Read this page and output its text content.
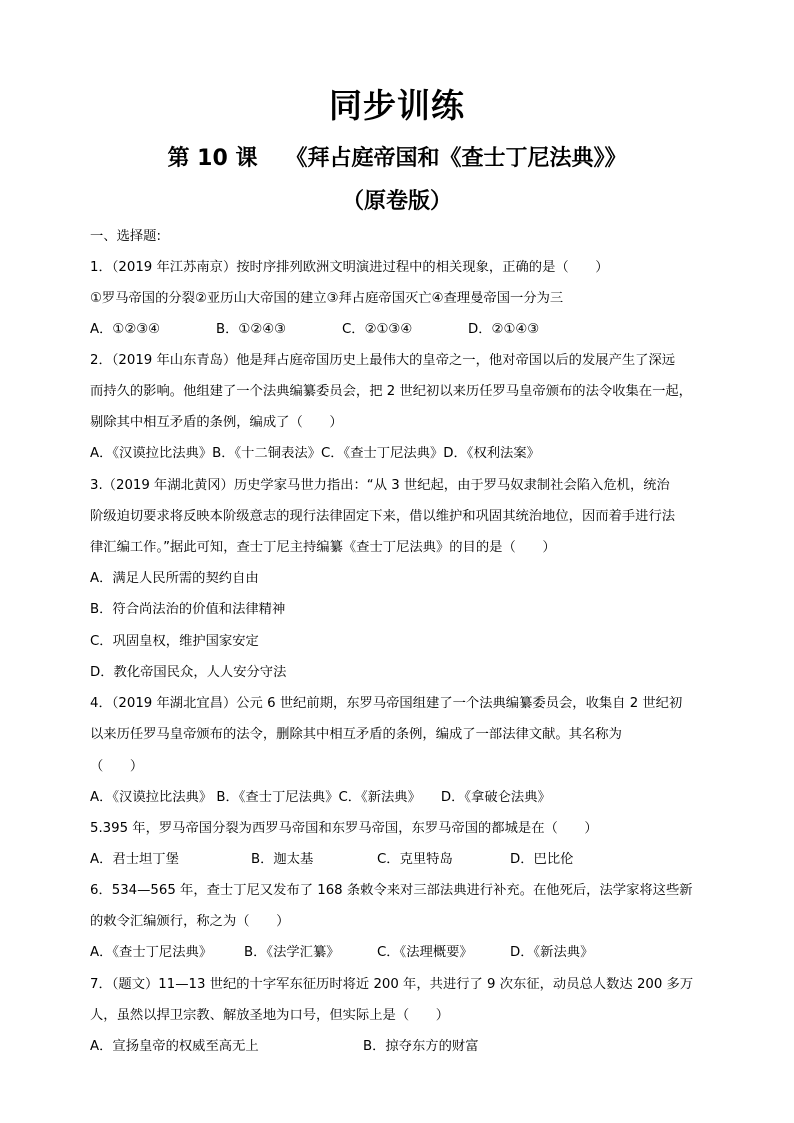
同步训练
第 10 课 《拜占庭帝国和《查士丁尼法典》》
（原卷版）
一、选择题:
1．（2019 年江苏南京）按时序排列欧洲文明演进过程中的相关现象，正确的是（　　）
①罗马帝国的分裂②亚历山大帝国的建立③拜占庭帝国灭亡④查理曼帝国一分为三
A．①②③④	B．①②④③	C．②①③④	D．②①④③
2．（2019 年山东青岛）他是拜占庭帝国历史上最伟大的皇帝之一，他对帝国以后的发展产生了深远
而持久的影响。他组建了一个法典编纂委员会，把 2 世纪初以来历任罗马皇帝颁布的法令收集在一起，
剔除其中相互矛盾的条例，编成了（　　）
A．《汉谟拉比法典》B．《十二铜表法》C．《查士丁尼法典》D．《权利法案》
3.（2019 年湖北黄冈）历史学家马世力指出：“从 3 世纪起，由于罗马奴隶制社会陷入危机，统治
阶级迫切要求将反映本阶级意志的现行法律固定下来，借以维护和巩固其统治地位，因而着手进行法
律汇编工作。”据此可知，查士丁尼主持编纂《查士丁尼法典》的目的是（　　）
A．满足人民所需的契约自由
B．符合尚法治的价值和法律精神
C．巩固皇权，维护国家安定
D．教化帝国民众，人人安分守法
4．（2019 年湖北宜昌）公元 6 世纪前期，东罗马帝国组建了一个法典编纂委员会，收集自 2 世纪初
以来历任罗马皇帝颁布的法令，删除其中相互矛盾的条例，编成了一部法律文献。其名称为
（　　）
A．《汉谟拉比法典》 B．《查士丁尼法典》C．《新法典》　　D．《拿破仑法典》
5.395 年，罗马帝国分裂为西罗马帝国和东罗马帝国，东罗马帝国的都城是在（　　）
A．君士坦丁堡	B．迦太基	C．克里特岛	D．巴比伦
6．534—565 年，查士丁尼又发布了 168 条敕令来对三部法典进行补充。在他死后，法学家将这些新
的敕令汇编颁行，称之为（　　）
A．《查士丁尼法典》 B．《法学汇纂》	C．《法理概要》	D．《新法典》
7．（题文）11—13 世纪的十字军东征历时将近 200 年，共进行了 9 次东征，动员总人数达 200 多万
人，虽然以捍卫宗教、解放圣地为口号，但实际上是（　　）
A．宣扬皇帝的权威至高无上	B．掠夺东方的财富
